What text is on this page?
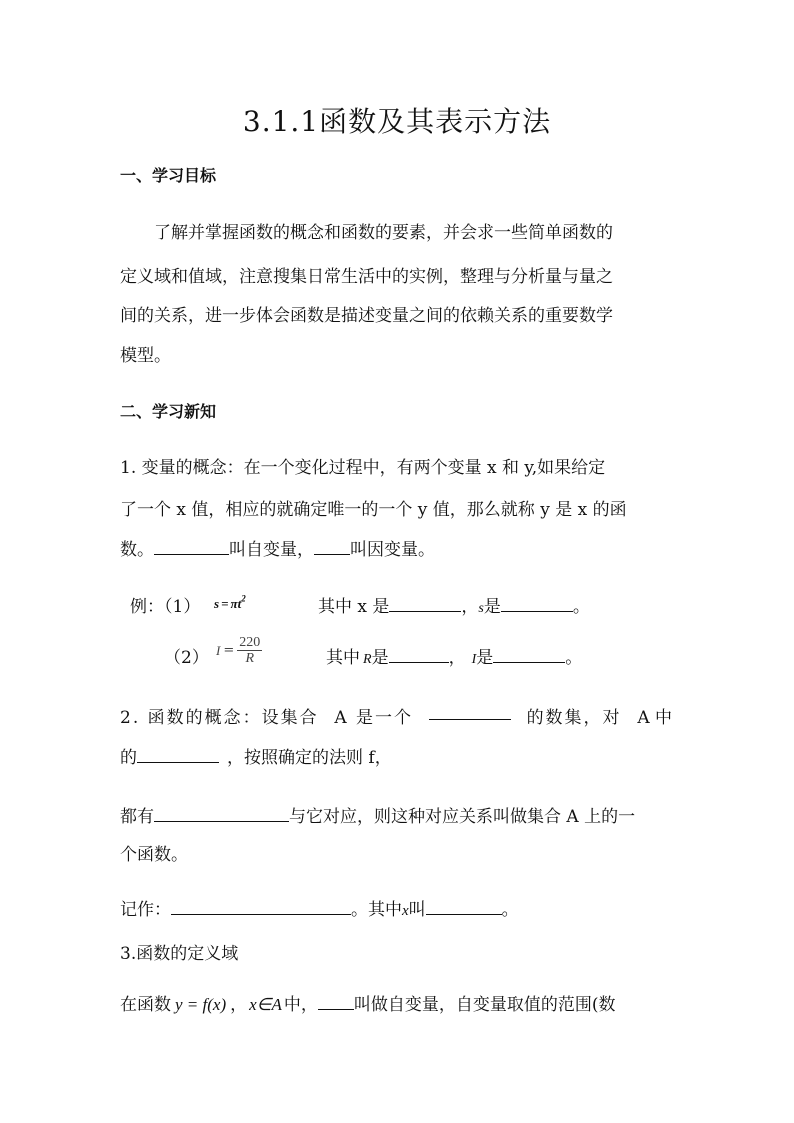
3.1.1函数及其表示方法
一、学习目标
了解并掌握函数的概念和函数的要素，并会求一些简单函数的
定义域和值域，注意搜集日常生活中的实例，整理与分析量与量之
间的关系，进一步体会函数是描述变量之间的依赖关系的重要数学
模型。
二、学习新知
1. 变量的概念：在一个变化过程中，有两个变量 x 和 y,如果给定
了一个 x 值，相应的就确定唯一的一个 y 值，那么就称 y 是 x 的函
数。	叫自变量， 叫因变量。
例：（1） $s = \pi t^2$	其中 x 是	，s是	。
（2） $I = \frac{220}{R}$	其中 R是	， I是	。
2. 函数的概念：设集合 A 是一个	的数集，对 A 中
的	，按照确定的法则 f，
都有	与它对应，则这种对应关系叫做集合 A 上的一
个函数。
记作：	。其中x叫	。
3.函数的定义域
在函数 y = f(x) ， x∈A 中， 叫做自变量，自变量取值的范围(数
